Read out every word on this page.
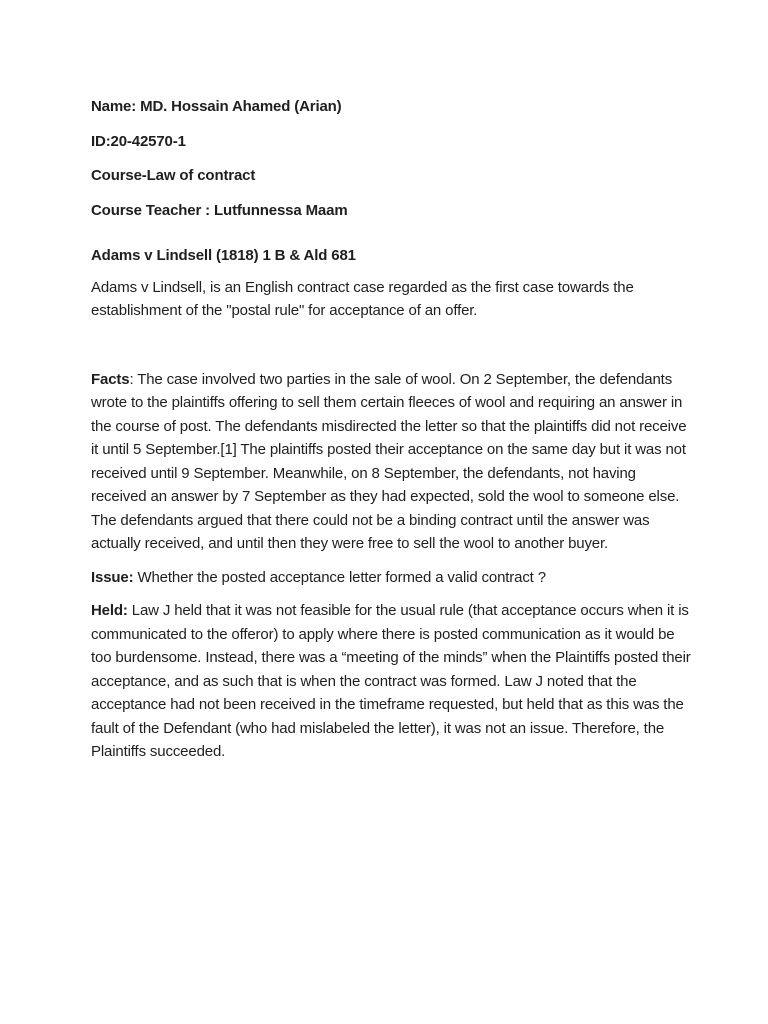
Name: MD. Hossain Ahamed (Arian)
ID:20-42570-1
Course-Law of contract
Course Teacher : Lutfunnessa Maam
Adams v Lindsell (1818) 1 B & Ald 681

Adams v Lindsell, is an English contract case regarded as the first case towards the establishment of the "postal rule" for acceptance of an offer.

Facts: The case involved two parties in the sale of wool. On 2 September, the defendants wrote to the plaintiffs offering to sell them certain fleeces of wool and requiring an answer in the course of post. The defendants misdirected the letter so that the plaintiffs did not receive it until 5 September.[1] The plaintiffs posted their acceptance on the same day but it was not received until 9 September. Meanwhile, on 8 September, the defendants, not having received an answer by 7 September as they had expected, sold the wool to someone else. The defendants argued that there could not be a binding contract until the answer was actually received, and until then they were free to sell the wool to another buyer.

Issue: Whether the posted acceptance letter formed a valid contract ?

Held: Law J held that it was not feasible for the usual rule (that acceptance occurs when it is communicated to the offeror) to apply where there is posted communication as it would be too burdensome. Instead, there was a “meeting of the minds” when the Plaintiffs posted their acceptance, and as such that is when the contract was formed. Law J noted that the acceptance had not been received in the timeframe requested, but held that as this was the fault of the Defendant (who had mislabeled the letter), it was not an issue. Therefore, the Plaintiffs succeeded.
